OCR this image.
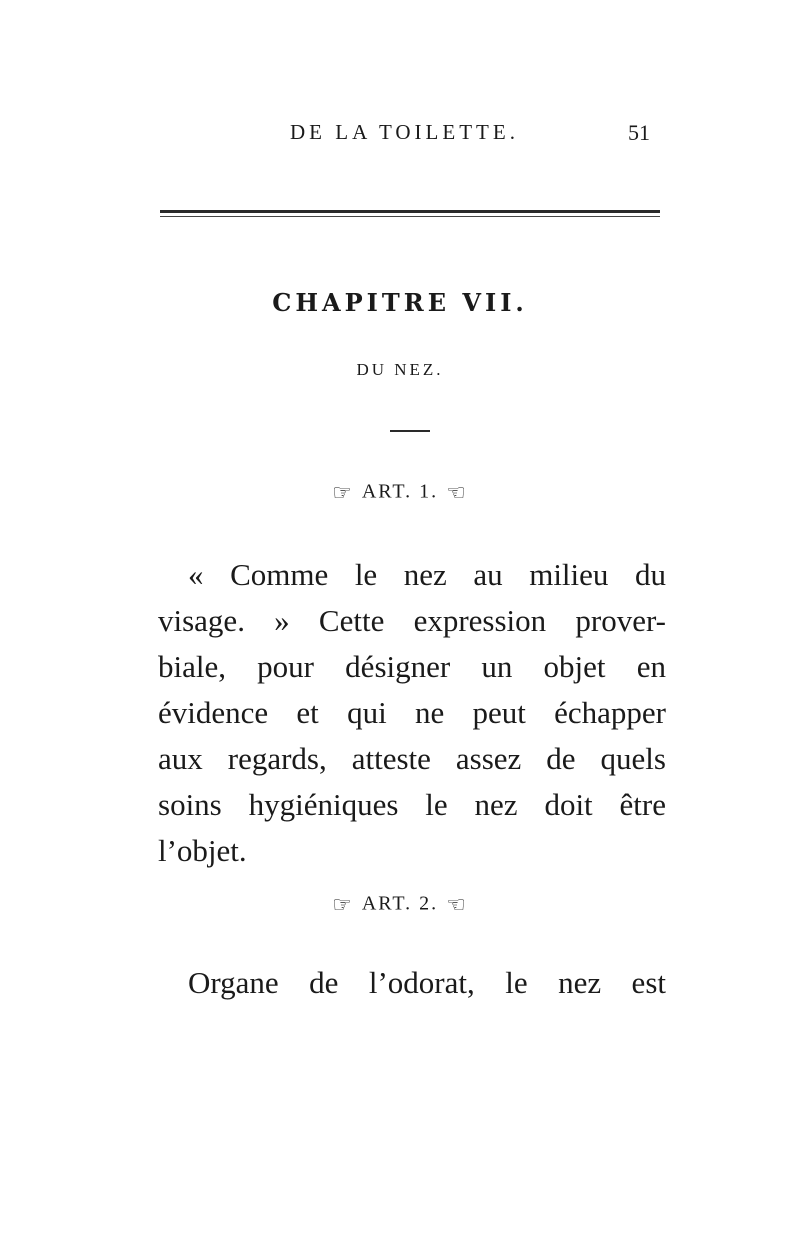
DE LA TOILETTE.	51
CHAPITRE VII.
DU NEZ.
☞ ART. 1. ☜
« Comme le nez au milieu du
visage. » Cette expression prover-
biale, pour désigner un objet en
évidence et qui ne peut échapper
aux regards, atteste assez de quels
soins hygiéniques le nez doit être
l’objet.
☞ ART. 2. ☜
Organe de l’odorat, le nez est
